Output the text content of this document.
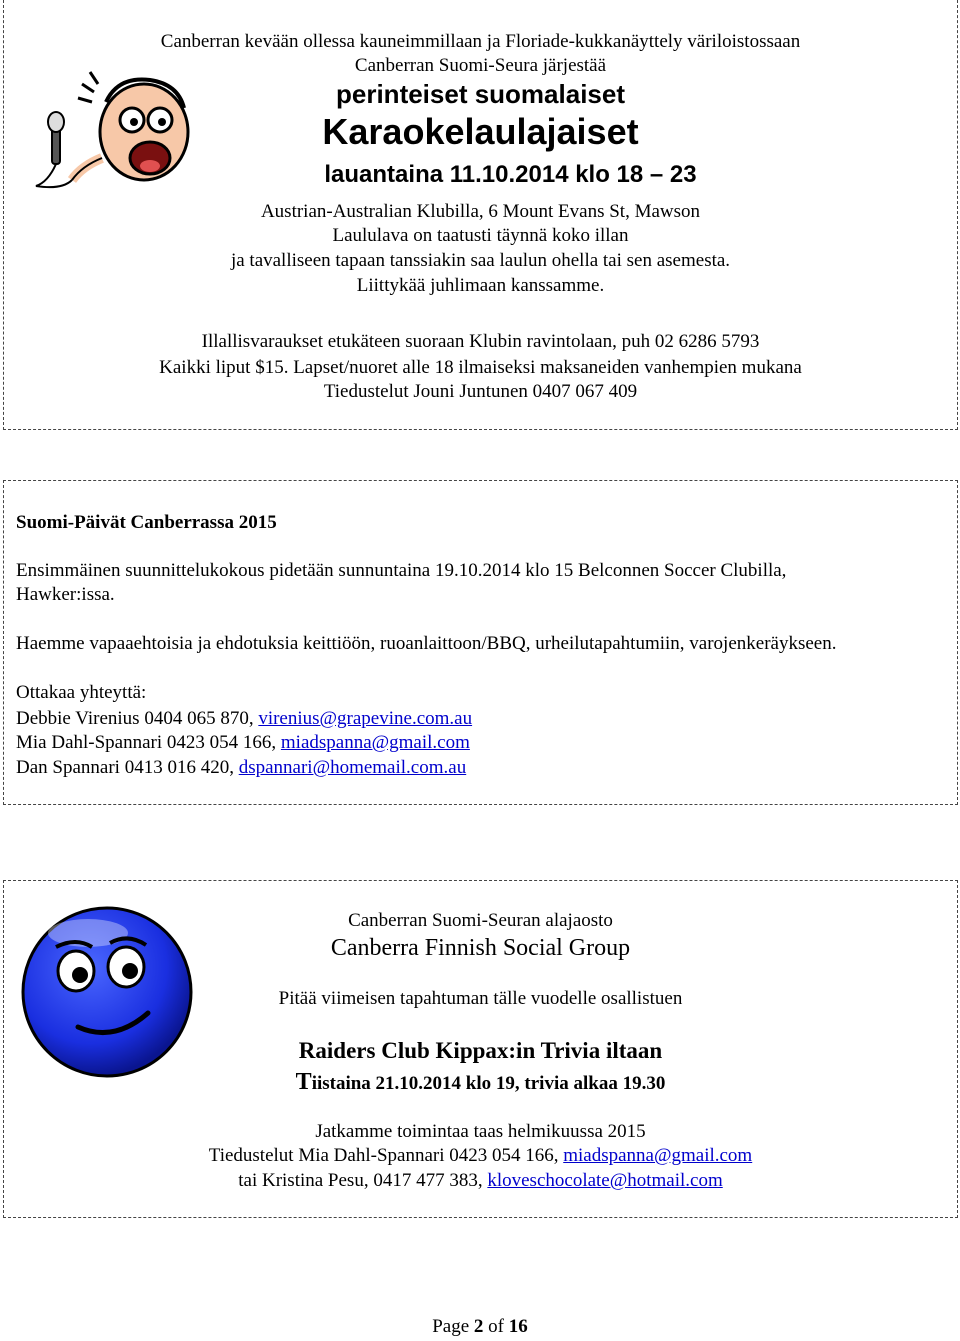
Canberran kevään ollessa kauneimmillaan ja Floriade-kukkanäyttely väriloistossaan
Canberran Suomi-Seura järjestää
perinteiset suomalaiset
Karaokelaulajaiset
lauantaina 11.10.2014 klo 18 – 23
Austrian-Australian Klubilla, 6 Mount Evans St, Mawson
Laululava on taatusti täynnä koko illan
ja tavalliseen tapaan tanssiakin saa laulun ohella tai sen asemesta.
Liittykää juhlimaan kanssamme.
Illallisvaraukset etukäteen suoraan Klubin ravintolaan, puh 02 6286 5793
Kaikki liput $15. Lapset/nuoret alle 18 ilmaiseksi maksaneiden vanhempien mukana
Tiedustelut Jouni Juntunen 0407 067 409
Suomi-Päivät Canberrassa 2015
Ensimmäinen suunnittelukokous pidetään sunnuntaina 19.10.2014 klo 15 Belconnen Soccer Clubilla,
Hawker:issa.
Haemme vapaaehtoisia ja ehdotuksia keittiöön, ruoanlaittoon/BBQ, urheilutapahtumiin, varojenkeräykseen.
Ottakaa yhteyttä:
Debbie Virenius 0404 065 870, virenius@grapevine.com.au
Mia Dahl-Spannari 0423 054 166, miadspanna@gmail.com
Dan Spannari 0413 016 420, dspannari@homemail.com.au
Canberran Suomi-Seuran alajaosto
Canberra Finnish Social Group
Pitää viimeisen tapahtuman tälle vuodelle osallistuen
Raiders Club Kippax:in Trivia iltaan
Tiistaina 21.10.2014 klo 19, trivia alkaa 19.30
Jatkamme toimintaa taas helmikuussa 2015
Tiedustelut Mia Dahl-Spannari 0423 054 166, miadspanna@gmail.com
tai Kristina Pesu, 0417 477 383, kloveschocolate@hotmail.com
Page 2 of 16
